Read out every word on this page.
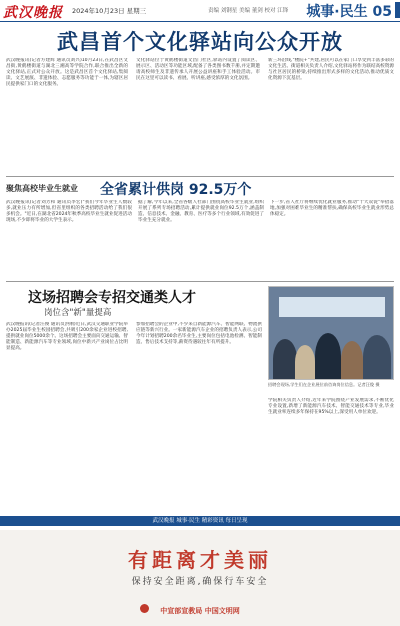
武汉晚报 2024年10月23日 星期三	责编 刘钢星 美编 董剑 校对 江锋 城事·民生 05
武昌首个文化驿站向公众开放
武汉晚报讯(记者方建辉 通讯员刘兴)10月23日,在武昌区文昌街,黄鹤楼街道与湖北三湘高等学院合作,联合推出全新的文化驿站,正式对公众开放。这是武昌区首个文化驿站,集阅读、文艺展演、非遗体验、志愿服务等功能于一体,为辖区居民提供家门口的文化服务。
文化驿站位于黄鹤楼街道文昌门社区,驿站内设置了阅读区、展示区、活动区等功能区域,配备了各类图书数千册,并定期邀请高校师生及非遗传承人开展公益讲座和手工体验活动。市民在这里可以读书、看展、听讲座,感受浓厚的文化氛围。
新三环沿线,"楼院+"共建,居民可以在家门口享受到丰富多彩的文化生活。街道相关负责人介绍,文化驿站将作为联结高校资源与社区居民的桥梁,持续推出形式多样的文化活动,推动优质文化资源下沉基层。
聚焦高校毕业生就业 全省累计供岗 92.5万个
武汉晚报讯(记者刘芳和 通讯员李宏)"我们今年毕业生人数较多,就业压力有所增加,但省里组织的各类招聘活动给了我们很多机会。"近日,在湖北省2024年秋季高校毕业生就业促进活动现场,不少即将毕业的大学生表示。
据了解,今年以来,全省各级人社部门围绕高校毕业生就业,组织开展了系列专场招聘活动,累计提供就业岗位92.5万个,涵盖制造、信息技术、金融、教育、医疗等多个行业领域,有效促进了毕业生充分就业。
下一步,省人社厅将继续优化就业服务,推动"十大双促"举措落地,加强对困难毕业生的精准帮扶,确保高校毕业生就业形势总体稳定。
这场招聘会专招交通类人才
岗位含"新"量提高
武汉晚报讯(记者汪俊 通讯员洪刚)近日,武汉交通职业学院举办2025届毕业生校园招聘会,共吸引200余家企业进校招聘,提供就业岗位5000余个。这场招聘会主要面向交通运输、智能制造、新能源汽车等专业领域,岗位中新兴产业岗位占比明显提高。
参加招聘会的企业中,不少来自新能源汽车、智能网联、物流供应链等新兴行业。一家新能源汽车企业的招聘负责人表示,公司今年计划招聘200余名毕业生,主要岗位包括电池检测、智能制造、售后技术支持等,薪资待遇较往年有所提升。
招聘会现场,学生们在企业展位前咨询岗位信息。记者汪俊 摄
学院相关负责人介绍,近年来学院围绕产业发展需求,不断优化专业设置,新增了新能源汽车技术、智能交通技术等专业,毕业生就业率连续多年保持在95%以上,深受用人单位欢迎。
武汉晚报 城事·民生 精彩资讯 每日呈现
有距离才美丽
保持安全距离,确保行车安全
中宣部宣教局 中国文明网
